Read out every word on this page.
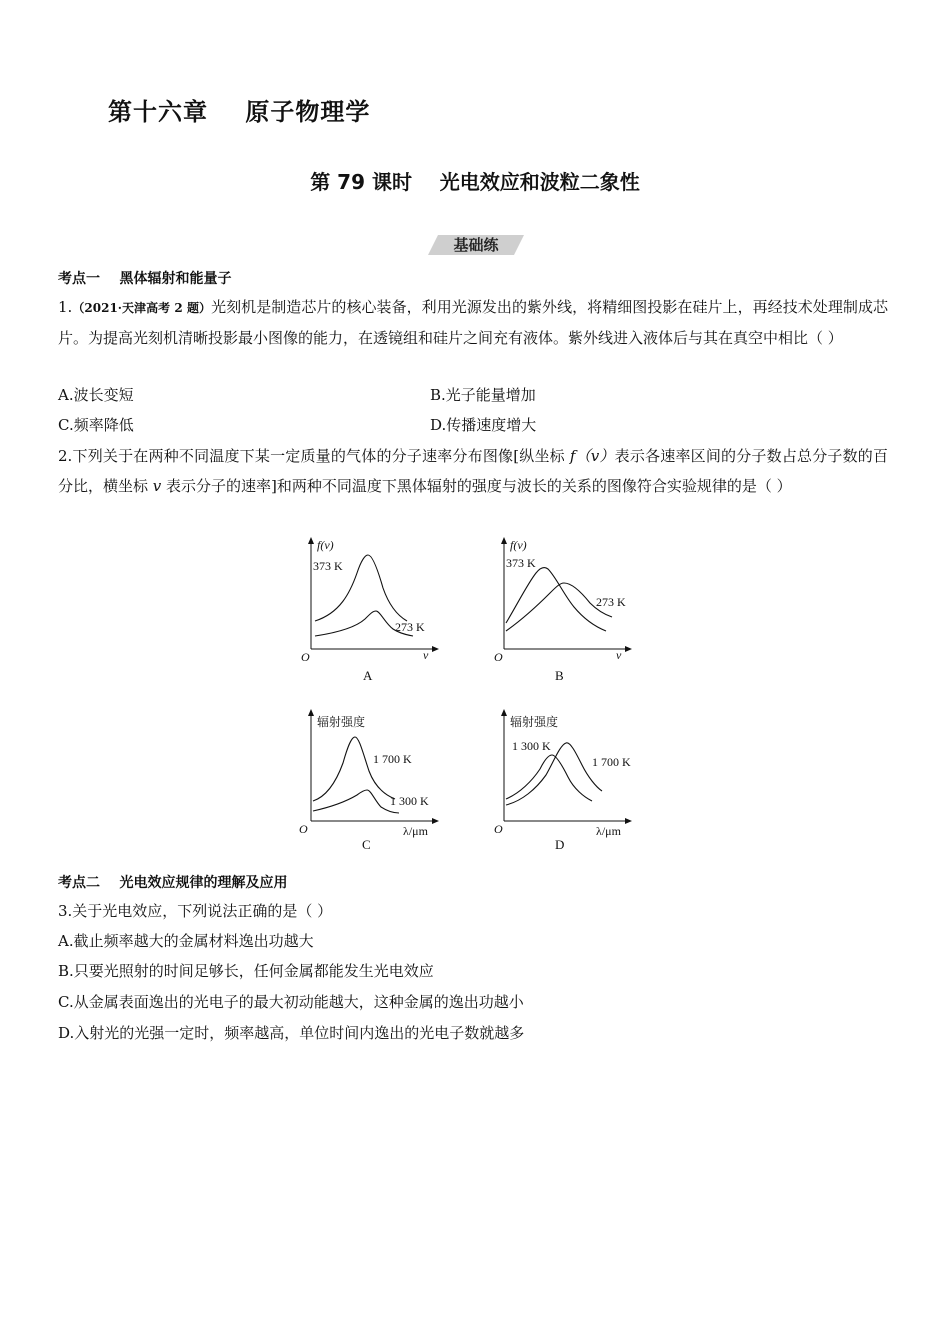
第十六章    原子物理学
第 79 课时    光电效应和波粒二象性
基础练
考点一    黑体辐射和能量子
1.（2021·天津高考 2 题）光刻机是制造芯片的核心装备，利用光源发出的紫外线，将精细图投影在硅片上，再经技术处理制成芯片。为提高光刻机清晰投影最小图像的能力，在透镜组和硅片之间充有液体。紫外线进入液体后与其在真空中相比（ ）
A.波长变短	B.光子能量增加
C.频率降低	D.传播速度增大
2.下列关于在两种不同温度下某一定质量的气体的分子速率分布图像[纵坐标 f（v）表示各速率区间的分子数占总分子数的百分比，横坐标 v 表示分子的速率]和两种不同温度下黑体辐射的强度与波长的关系的图像符合实验规律的是（ ）
f(v)
373 K
273 K
O	v
A
f(v)
373 K
273 K
O	v
B
辐射强度
1 700 K
1 300 K
O	λ/μm
C
辐射强度
1 300 K
1 700 K
O	λ/μm
D
考点二    光电效应规律的理解及应用
3.关于光电效应，下列说法正确的是（ ）
A.截止频率越大的金属材料逸出功越大
B.只要光照射的时间足够长，任何金属都能发生光电效应
C.从金属表面逸出的光电子的最大初动能越大，这种金属的逸出功越小
D.入射光的光强一定时，频率越高，单位时间内逸出的光电子数就越多
